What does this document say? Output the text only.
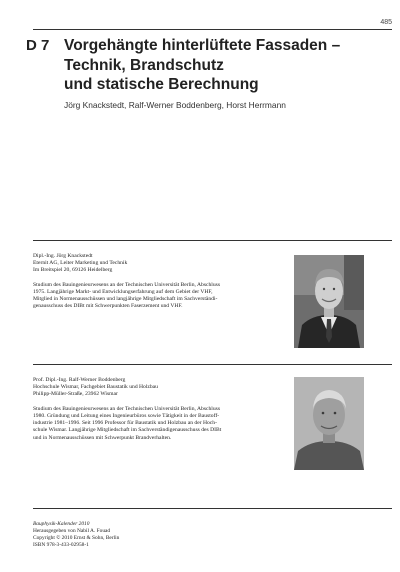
485
D 7 Vorgehängte hinterlüftete Fassaden –
Technik, Brandschutz
und statische Berechnung
Jörg Knackstedt, Ralf-Werner Boddenberg, Horst Herrmann
Dipl.-Ing. Jörg Knackstedt
Eternit AG, Leiter Marketing und Technik
Im Breitspiel 20, 69126 Heidelberg
Studium des Bauingenieurwesens an der Technischen Universität Berlin, Abschluss
1975. Langjährige Markt- und Entwicklungserfahrung auf dem Gebiet der VHF,
Mitglied in Normenausschüssen und langjährige Mitgliedschaft im Sachverständi-
genausschuss des DIBt mit Schwerpunkten Faserzement und VHF.
Prof. Dipl.-Ing. Ralf-Werner Boddenberg
Hochschule Wismar, Fachgebiet Baustatik und Holzbau
Philipp-Müller-Straße, 23962 Wismar
Studium des Bauingenieurwesens an der Technischen Universität Berlin, Abschluss
1980. Gründung und Leitung eines Ingenieurbüros sowie Tätigkeit in der Baustoff-
industrie 1981–1996. Seit 1996 Professor für Baustatik und Holzbau an der Hoch-
schule Wismar. Langjährige Mitgliedschaft im Sachverständigenausschuss des DIBt
und in Normenausschüssen mit Schwerpunkt Brandverhalten.
Bauphysik-Kalender 2010
Herausgegeben von Nabil A. Fouad
Copyright © 2010 Ernst & Sohn, Berlin
ISBN 978-3-433-02958-1
